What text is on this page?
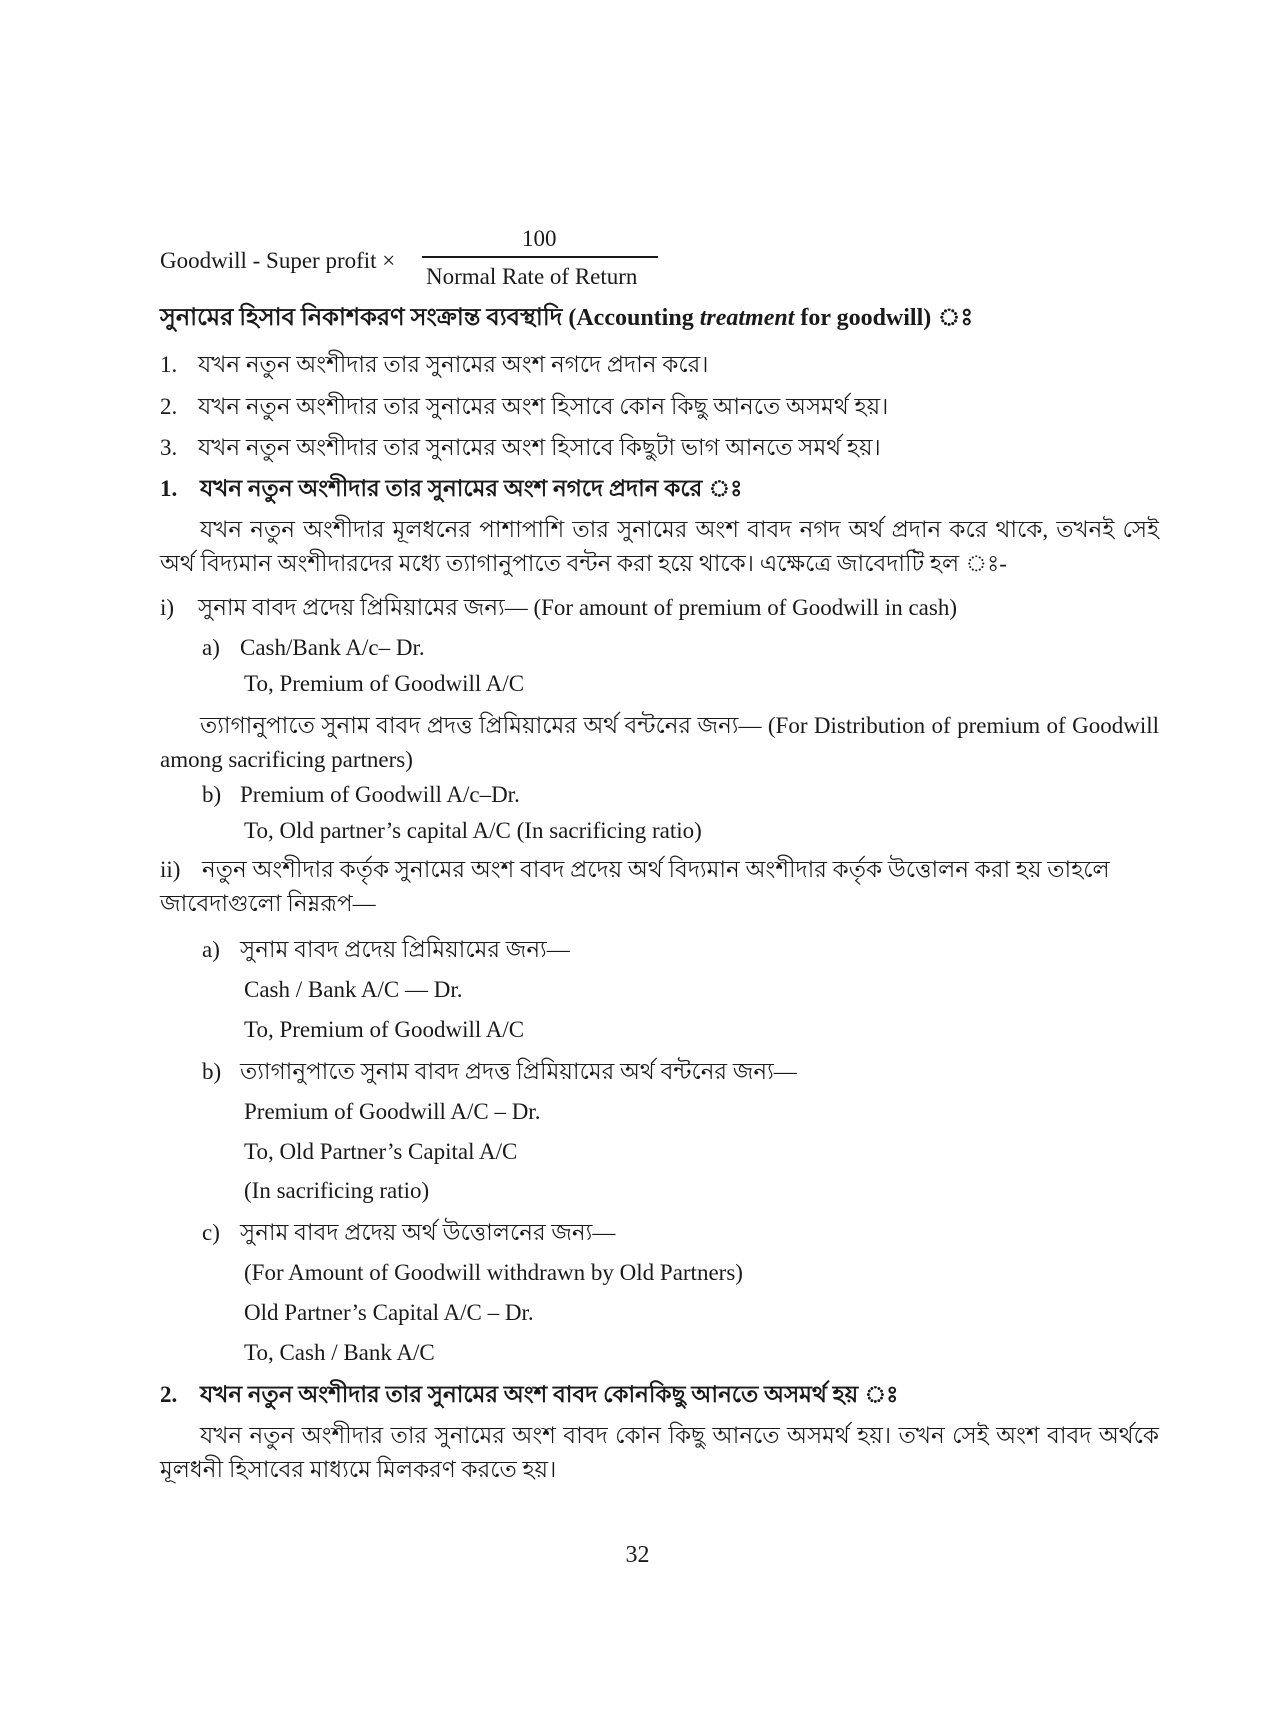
100
Goodwill - Super profit ×
Normal Rate of Return
সুনামের হিসাব নিকাশকরণ সংক্রান্ত ব্যবস্থাদি (Accounting treatment for goodwill) ঃ
1. যখন নতুন অংশীদার তার সুনামের অংশ নগদে প্রদান করে।
2. যখন নতুন অংশীদার তার সুনামের অংশ হিসাবে কোন কিছু আনতে অসমর্থ হয়।
3. যখন নতুন অংশীদার তার সুনামের অংশ হিসাবে কিছুটা ভাগ আনতে সমর্থ হয়।
1. যখন নতুন অংশীদার তার সুনামের অংশ নগদে প্রদান করে ঃ
যখন নতুন অংশীদার মূলধনের পাশাপাশি তার সুনামের অংশ বাবদ নগদ অর্থ প্রদান করে থাকে, তখনই সেই অর্থ বিদ্যমান অংশীদারদের মধ্যে ত্যাগানুপাতে বন্টন করা হয়ে থাকে। এক্ষেত্রে জাবেদাটি হল ঃ-
i) সুনাম বাবদ প্রদেয় প্রিমিয়ামের জন্য— (For amount of premium of Goodwill in cash)
a) Cash/Bank A/c– Dr.
To, Premium of Goodwill A/C
ত্যাগানুপাতে সুনাম বাবদ প্রদত্ত প্রিমিয়ামের অর্থ বন্টনের জন্য— (For Distribution of premium of Goodwill among sacrificing partners)
b) Premium of Goodwill A/c–Dr.
To, Old partner’s capital A/C (In sacrificing ratio)
ii) নতুন অংশীদার কর্তৃক সুনামের অংশ বাবদ প্রদেয় অর্থ বিদ্যমান অংশীদার কর্তৃক উত্তোলন করা হয় তাহলে জাবেদাগুলো নিম্নরূপ—
a) সুনাম বাবদ প্রদেয় প্রিমিয়ামের জন্য—
Cash / Bank A/C — Dr.
To, Premium of Goodwill A/C
b) ত্যাগানুপাতে সুনাম বাবদ প্রদত্ত প্রিমিয়ামের অর্থ বন্টনের জন্য—
Premium of Goodwill A/C – Dr.
To, Old Partner’s Capital A/C
(In sacrificing ratio)
c) সুনাম বাবদ প্রদেয় অর্থ উত্তোলনের জন্য—
(For Amount of Goodwill withdrawn by Old Partners)
Old Partner’s Capital A/C – Dr.
To, Cash / Bank A/C
2. যখন নতুন অংশীদার তার সুনামের অংশ বাবদ কোনকিছু আনতে অসমর্থ হয় ঃ
যখন নতুন অংশীদার তার সুনামের অংশ বাবদ কোন কিছু আনতে অসমর্থ হয়। তখন সেই অংশ বাবদ অর্থকে মূলধনী হিসাবের মাধ্যমে মিলকরণ করতে হয়।
32
